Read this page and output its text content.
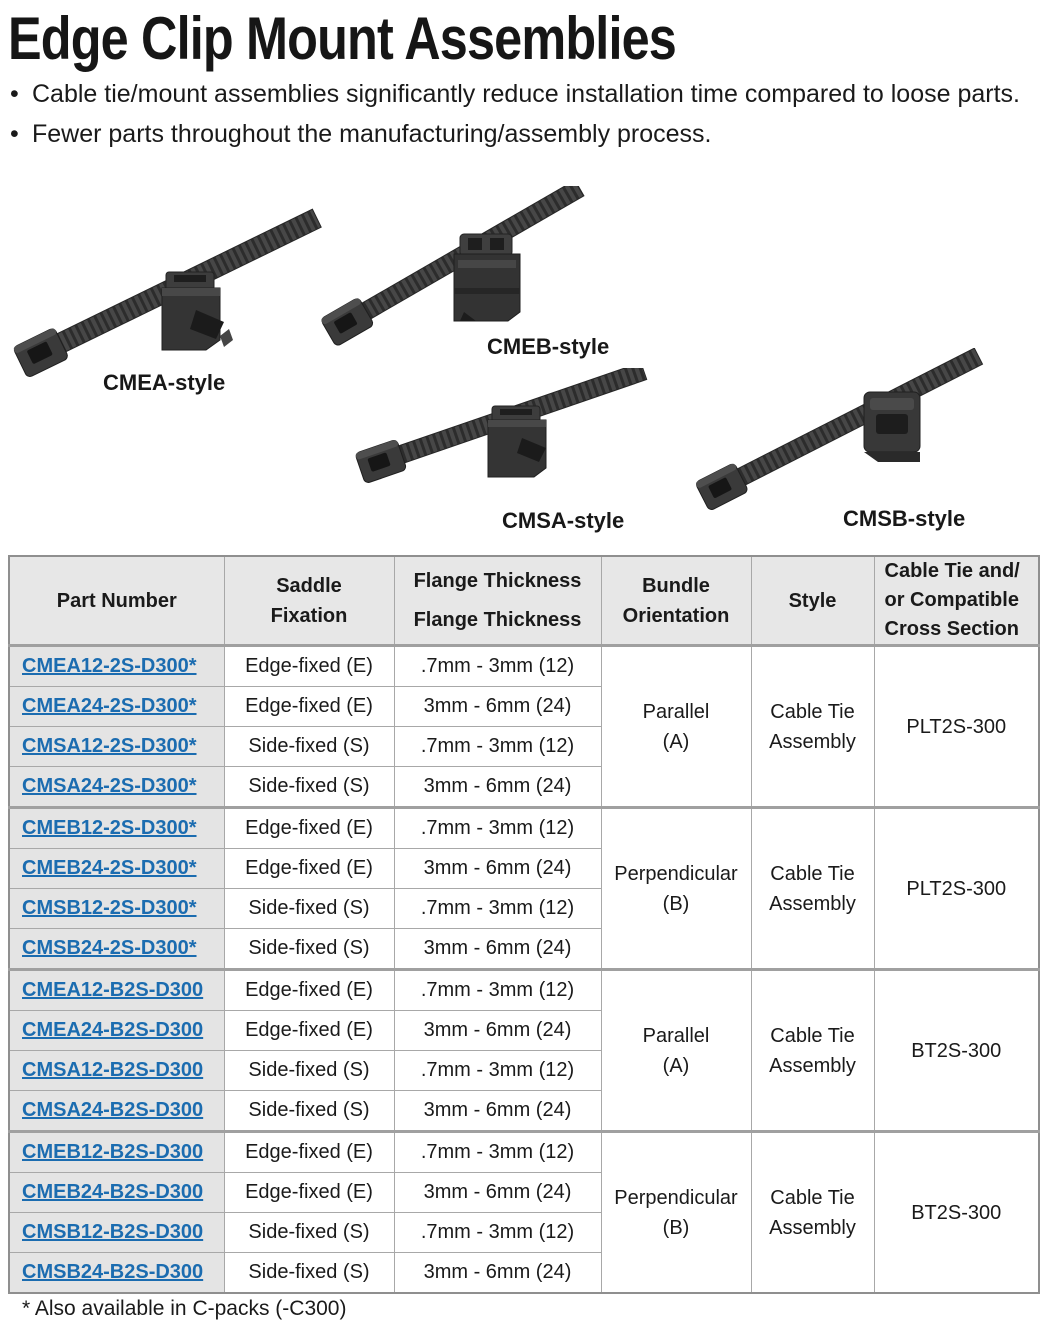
Edge Clip Mount Assemblies
• Cable tie/mount assemblies significantly reduce installation time compared to loose parts.
• Fewer parts throughout the manufacturing/assembly process.
CMEA-style
CMEB-style
CMSA-style	CMSB-style
Part Number

Saddle
Fixation

Flange Thickness
Flange Thickness

Bundle
Orientation

Style

Cable Tie and/
or Compatible
Cross Section

CMEA12-2S-D300*	Edge-fixed (E)	.7mm - 3mm (12)	
Parallel
(A)

Cable Tie
Assembly
	PLT2S-300
CMEA24-2S-D300*	Edge-fixed (E)	3mm - 6mm (24)			
CMSA12-2S-D300*	Side-fixed (S)	.7mm - 3mm (12)			
CMSA24-2S-D300*	Side-fixed (S)	3mm - 6mm (24)			
CMEB12-2S-D300*	Edge-fixed (E)	.7mm - 3mm (12)	
Perpendicular
(B)

Cable Tie
Assembly
	PLT2S-300
CMEB24-2S-D300*	Edge-fixed (E)	3mm - 6mm (24)			
CMSB12-2S-D300*	Side-fixed (S)	.7mm - 3mm (12)			
CMSB24-2S-D300*	Side-fixed (S)	3mm - 6mm (24)			
CMEA12-B2S-D300	Edge-fixed (E)	.7mm - 3mm (12)	
Parallel
(A)

Cable Tie
Assembly
	BT2S-300
CMEA24-B2S-D300	Edge-fixed (E)	3mm - 6mm (24)			
CMSA12-B2S-D300	Side-fixed (S)	.7mm - 3mm (12)			
CMSA24-B2S-D300	Side-fixed (S)	3mm - 6mm (24)			
CMEB12-B2S-D300	Edge-fixed (E)	.7mm - 3mm (12)	
Perpendicular
(B)

Cable Tie
Assembly
	BT2S-300
CMEB24-B2S-D300	Edge-fixed (E)	3mm - 6mm (24)			
CMSB12-B2S-D300	Side-fixed (S)	.7mm - 3mm (12)			
CMSB24-B2S-D300	Side-fixed (S)	3mm - 6mm (24)			
* Also available in C-packs (-C300)
